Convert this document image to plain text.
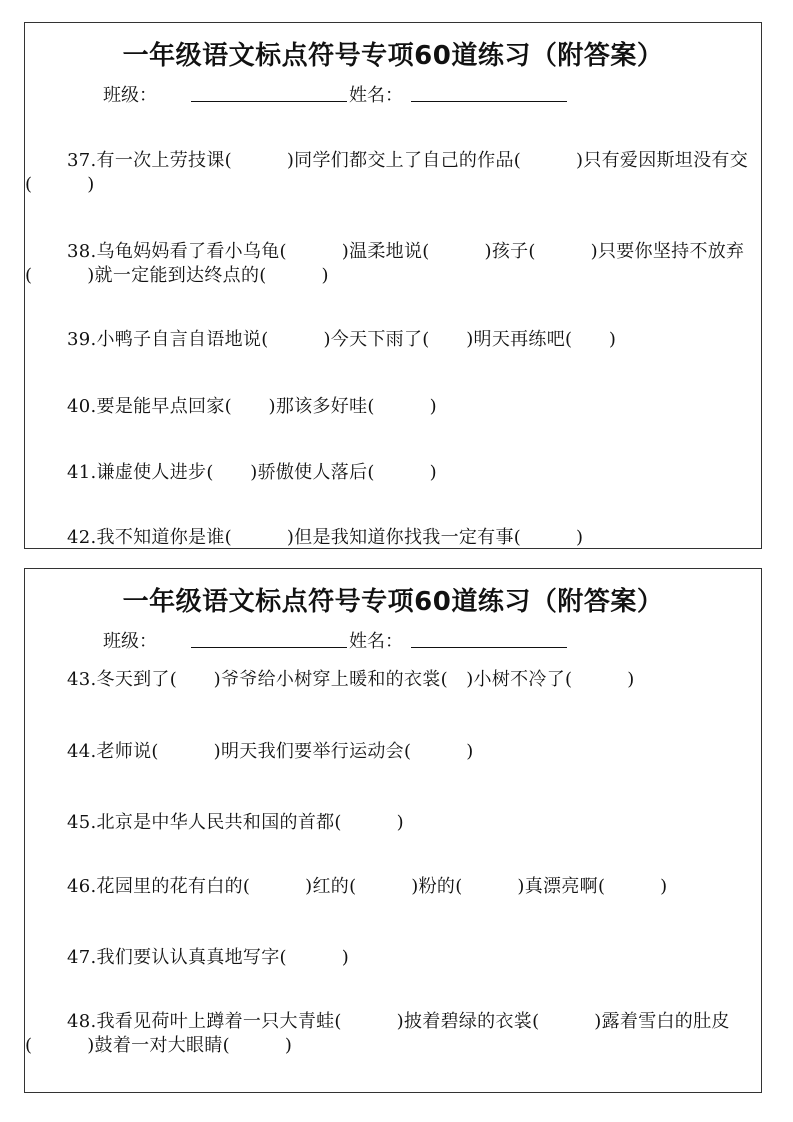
一年级语文标点符号专项60道练习（附答案）
班级：	姓名：
37.有一次上劳技课(　　　)同学们都交上了自己的作品(　　　)只有爱因斯坦没有交(　　　)
38.乌龟妈妈看了看小乌龟(　　　)温柔地说(　　　)孩子(　　　)只要你坚持不放弃(　　　)就一定能到达终点的(　　　)
39.小鸭子自言自语地说(　　　)今天下雨了(　　)明天再练吧(　　)
40.要是能早点回家(　　)那该多好哇(　　　)
41.谦虚使人进步(　　)骄傲使人落后(　　　)
42.我不知道你是谁(　　　)但是我知道你找我一定有事(　　　)
一年级语文标点符号专项60道练习（附答案）
班级：	姓名：
43.冬天到了(　　)爷爷给小树穿上暖和的衣裳(　)小树不冷了(　　　)
44.老师说(　　　)明天我们要举行运动会(　　　)
45.北京是中华人民共和国的首都(　　　)
46.花园里的花有白的(　　　)红的(　　　)粉的(　　　)真漂亮啊(　　　)
47.我们要认认真真地写字(　　　)
48.我看见荷叶上蹲着一只大青蛙(　　　)披着碧绿的衣裳(　　　)露着雪白的肚皮(　　　)鼓着一对大眼睛(　　　)
